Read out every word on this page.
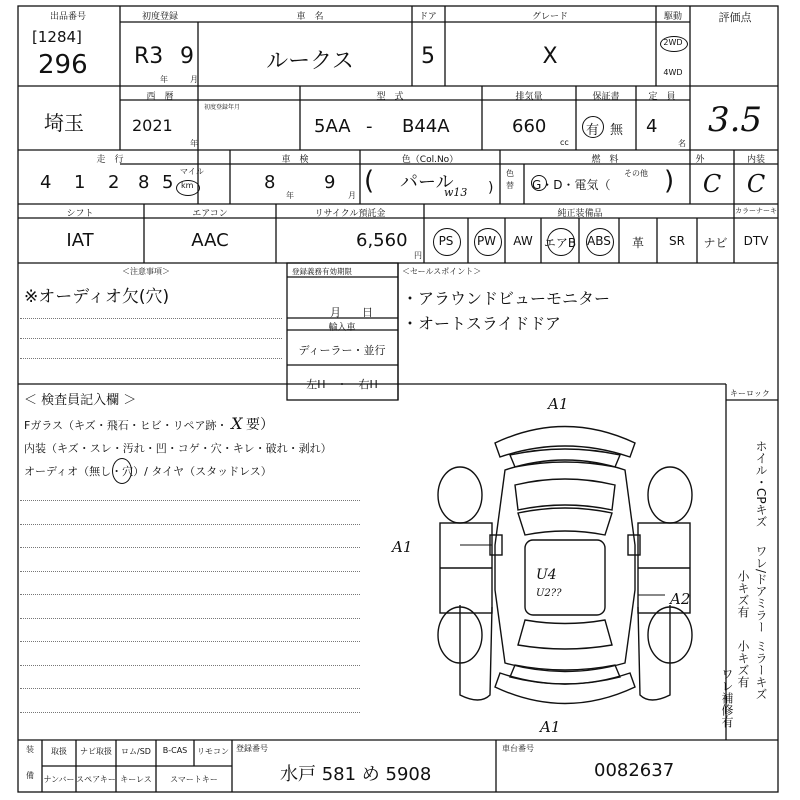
出品番号
[1284]
296
初度登録
R3 9
年	月
車　名
ルークス
ドア
5
グレード
X
駆動
2WD
4WD
評価点
3.5
埼玉
西　暦
2021
年
型　式
初度登録年月
5AA - B44A
排気量
660
cc
保証書
有 無
定　員
4
名
走　行
4 1 2 8 5
マイル
km
車　検
8
年
9
月
色（Col.No）
( パール
w13 )
色替
燃　料
G・D・電気（
その他 )
外
C
内装
C
シフト
IAT
エアコン
AAC
リサイクル預託金
6,560
円
純正装備品	カラーナーキ
PS PW AW エアB ABS 革 SR ナビ DTV
＜注意事項＞
※オーディオ欠(穴)
登録義務有効期限
月 日
輸入車
ディーラー・並行
左H　・　右H
＜セールスポイント＞
・アラウンドビューモニター
・オートスライドドア
＜ 検査員記入欄 ＞
Fガラス（キズ・飛石・ヒビ・リペア跡・ X 要）
内装（キズ・スレ・汚れ・凹・コゲ・穴・キレ・破れ・剥れ）
オーディオ（無し・穴）/ タイヤ（スタッドレス）
キーロック
ホイル・CPキズ
ワレ/ドアミラー
小キズ有
小キズ有 ミラーキズ
ワレ補修有
A1
A1
A2
A1
U4
U2??
装
備
取扱 ナビ取扱 ロム/SD B-CAS リモコン
ナンバー スペアキー キーレス スマートキー
登録番号
水戸 581 め 5908
車台番号
0082637
